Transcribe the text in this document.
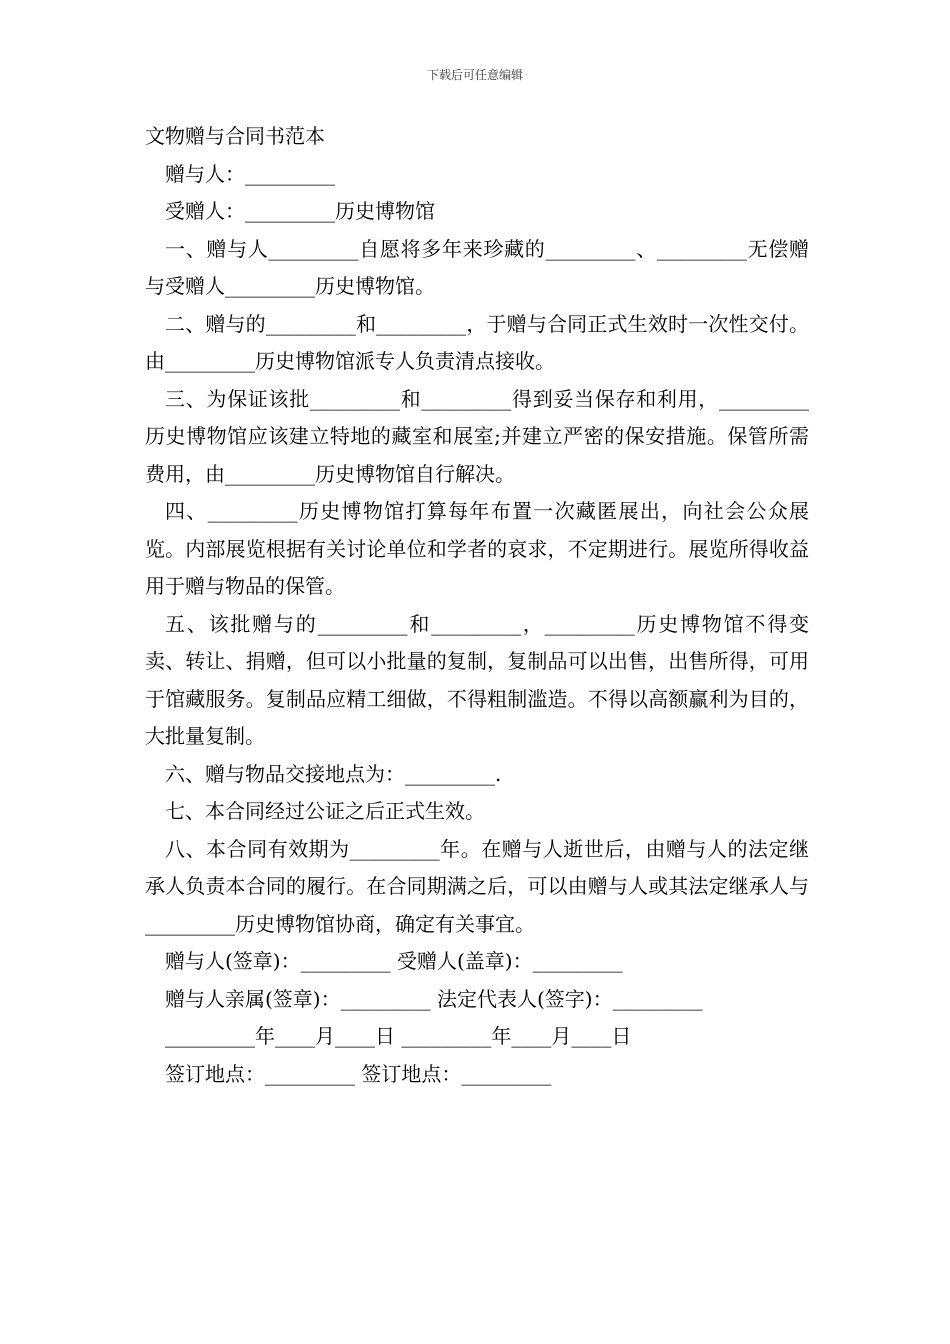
下载后可任意编辑
文物赠与合同书范本
赠与人：_________
受赠人：_________历史博物馆
一、赠与人_________自愿将多年来珍藏的_________、_________无偿赠与受赠人_________历史博物馆。
二、赠与的_________和_________，于赠与合同正式生效时一次性交付。由_________历史博物馆派专人负责清点接收。
三、为保证该批_________和_________得到妥当保存和利用，_________历史博物馆应该建立特地的藏室和展室;并建立严密的保安措施。保管所需费用，由_________历史博物馆自行解决。
四、_________历史博物馆打算每年布置一次藏匿展出，向社会公众展览。内部展览根据有关讨论单位和学者的哀求，不定期进行。展览所得收益用于赠与物品的保管。
五、该批赠与的_________和_________，_________历史博物馆不得变卖、转让、捐赠，但可以小批量的复制，复制品可以出售，出售所得，可用于馆藏服务。复制品应精工细做，不得粗制滥造。不得以高额赢利为目的，大批量复制。
六、赠与物品交接地点为：_________.
七、本合同经过公证之后正式生效。
八、本合同有效期为_________年。在赠与人逝世后，由赠与人的法定继承人负责本合同的履行。在合同期满之后，可以由赠与人或其法定继承人与_________历史博物馆协商，确定有关事宜。
赠与人(签章)：_________ 受赠人(盖章)：_________
赠与人亲属(签章)：_________ 法定代表人(签字)：_________
_________年____月____日 _________年____月____日
签订地点：_________ 签订地点：_________
